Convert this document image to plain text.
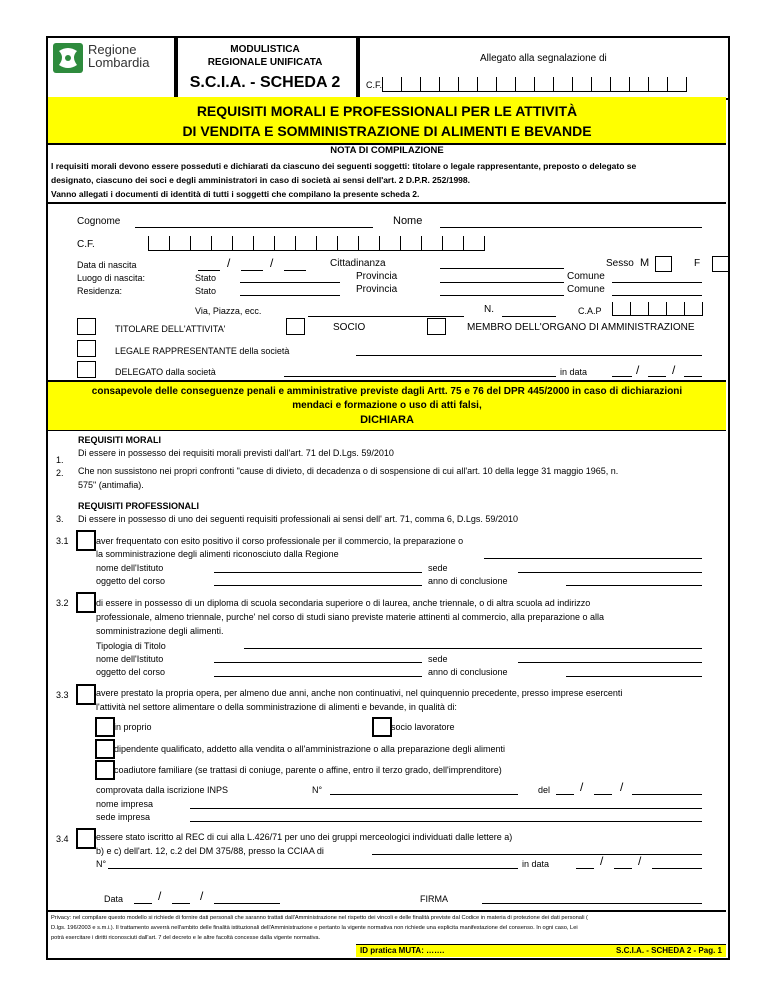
Regione
Lombardia
MODULISTICA
REGIONALE UNIFICATA
S.C.I.A. - SCHEDA 2
Allegato alla segnalazione di
C.F.
REQUISITI MORALI E PROFESSIONALI PER LE ATTIVITÀ
DI VENDITA E SOMMINISTRAZIONE DI ALIMENTI E BEVANDE
NOTA DI COMPILAZIONE
I requisiti morali devono essere posseduti e dichiarati da ciascuno dei seguenti soggetti: titolare o legale rappresentante, preposto o delegato se
designato, ciascuno dei soci e degli amministratori in caso di società ai sensi dell'art. 2 D.P.R. 252/1998.
Vanno allegati i documenti di identità di tutti i soggetti che compilano la presente scheda 2.
Cognome	Nome
C.F.
Data di nascita	/	/	Cittadinanza	Sesso M	F
Luogo di nascita:	Stato	Provincia	Comune
Residenza:	Stato	Provincia	Comune
Via, Piazza, ecc.	N.	C.A.P
TITOLARE DELL'ATTIVITA'	SOCIO	MEMBRO DELL'ORGANO DI AMMINISTRAZIONE
LEGALE RAPPRESENTANTE della società
DELEGATO dalla società	in data	/	/
consapevole delle conseguenze penali e amministrative previste dagli Artt. 75 e 76 del DPR 445/2000 in caso di dichiarazioni
mendaci e formazione o uso di atti falsi,
DICHIARA
REQUISITI MORALI
1.
Di essere in possesso dei requisiti morali previsti dall'art. 71 del D.Lgs. 59/2010
2. Che non sussistono nei propri confronti "cause di divieto, di decadenza o di sospensione di cui all'art. 10 della legge 31 maggio 1965, n.
575" (antimafia).
REQUISITI PROFESSIONALI
3. Di essere in possesso di uno dei seguenti requisiti professionali ai sensi dell' art. 71, comma 6, D.Lgs. 59/2010
3.1	aver frequentato con esito positivo il corso professionale per il commercio, la preparazione o
la somministrazione degli alimenti riconosciuto dalla Regione
nome dell'Istituto	sede
oggetto del corso	anno di conclusione
3.2	di essere in possesso di un diploma di scuola secondaria superiore o di laurea, anche triennale, o di altra scuola ad indirizzo
professionale, almeno triennale, purche' nel corso di studi siano previste materie attinenti al commercio, alla preparazione o alla
somministrazione degli alimenti.
Tipologia di Titolo
nome dell'Istituto	sede
oggetto del corso	anno di conclusione
3.3	avere prestato la propria opera, per almeno due anni, anche non continuativi, nel quinquennio precedente, presso imprese esercenti
l'attività nel settore alimentare o della somministrazione di alimenti e bevande, in qualità di:
in proprio	socio lavoratore
dipendente qualificato, addetto alla vendita o all'amministrazione o alla preparazione degli alimenti
coadiutore familiare (se trattasi di coniuge, parente o affine, entro il terzo grado, dell'imprenditore)
comprovata dalla iscrizione INPS	N°	del /	/
nome impresa
sede impresa
3.4	essere stato iscritto al REC di cui alla L.426/71 per uno dei gruppi merceologici individuati dalle lettere a)
b) e c) dell'art. 12, c.2 del DM 375/88, presso la CCIAA di
N°	in data	/	/
Data	/	/	FIRMA
Privacy: nel compilare questo modello si richiede di fornire dati personali che saranno trattati dall'Amministrazione nel rispetto dei vincoli e delle finalità previste dal Codice in materia di protezione dei dati personali (
D.lgs. 196/2003 e s.m.i.). Il trattamento avverrà nell'ambito delle finalità istituzionali dell'Amministrazione e pertanto la vigente normativa non richiede una esplicita manifestazione del consenso. In ogni caso, Lei
potrà esercitare i diritti riconosciuti dall'art. 7 del decreto e le altre facoltà concesse dalla vigente normativa.
ID pratica MUTA: …….	S.C.I.A. - SCHEDA 2 - Pag. 1
